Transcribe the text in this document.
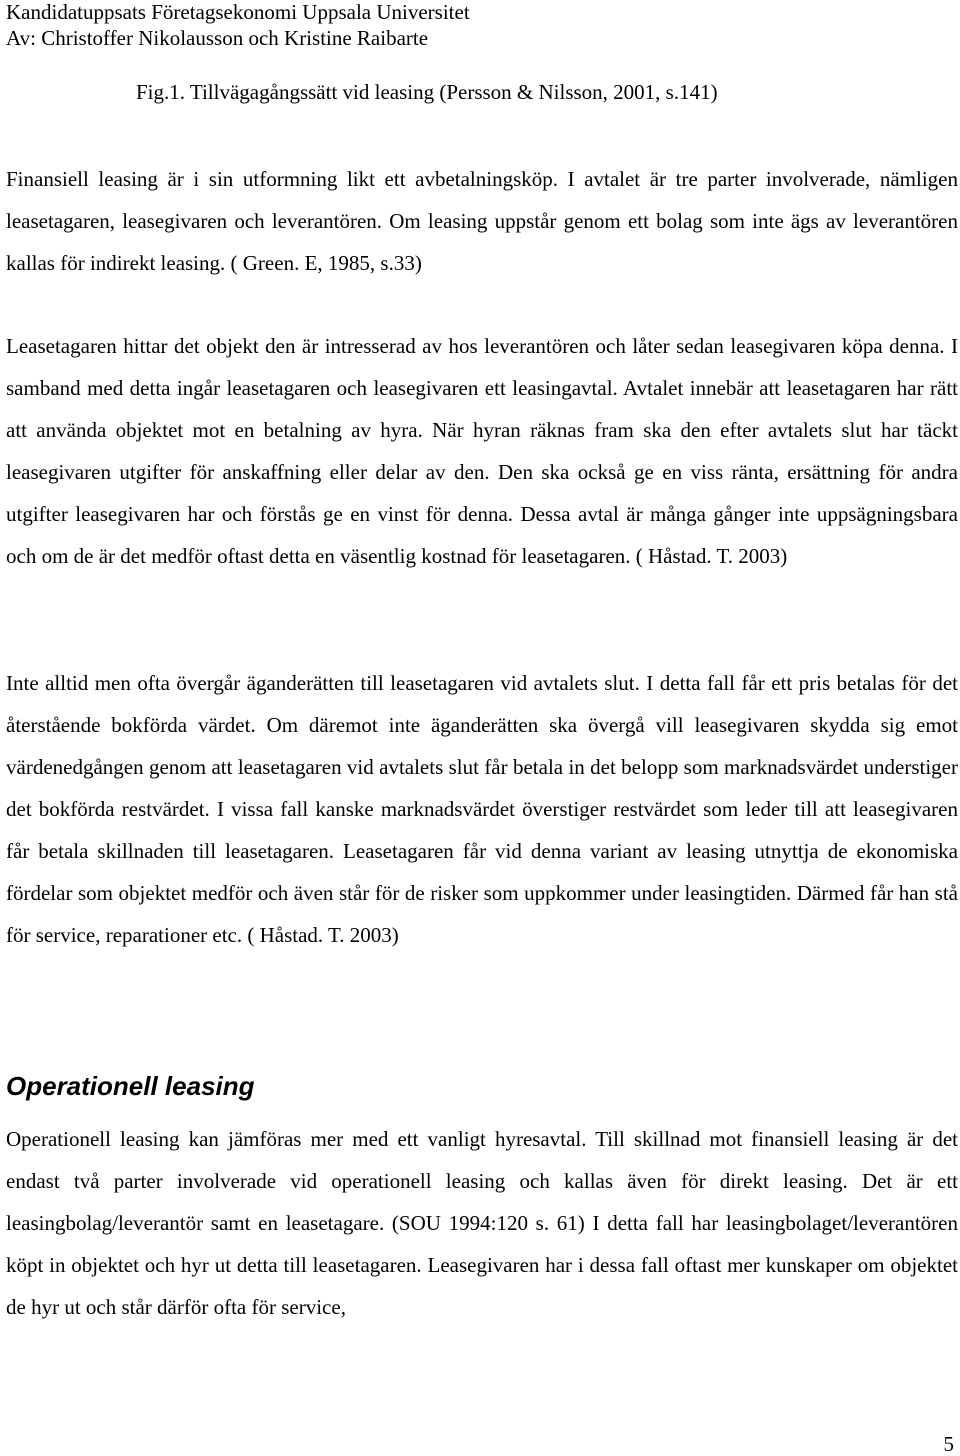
Kandidatuppsats Företagsekonomi Uppsala Universitet
Av: Christoffer Nikolausson och Kristine Raibarte
Fig.1. Tillvägagångssätt vid leasing (Persson & Nilsson, 2001, s.141)

Finansiell leasing är i sin utformning likt ett avbetalningsköp. I avtalet är tre parter involverade, nämligen leasetagaren, leasegivaren och leverantören. Om leasing uppstår genom ett bolag som inte ägs av leverantören kallas för indirekt leasing. ( Green. E, 1985, s.33)

Leasetagaren hittar det objekt den är intresserad av hos leverantören och låter sedan leasegivaren köpa denna. I samband med detta ingår leasetagaren och leasegivaren ett leasingavtal. Avtalet innebär att leasetagaren har rätt att använda objektet mot en betalning av hyra. När hyran räknas fram ska den efter avtalets slut har täckt leasegivaren utgifter för anskaffning eller delar av den. Den ska också ge en viss ränta, ersättning för andra utgifter leasegivaren har och förstås ge en vinst för denna. Dessa avtal är många gånger inte uppsägningsbara och om de är det medför oftast detta en väsentlig kostnad för leasetagaren. ( Håstad. T. 2003)

Inte alltid men ofta övergår äganderätten till leasetagaren vid avtalets slut. I detta fall får ett pris betalas för det återstående bokförda värdet. Om däremot inte äganderätten ska övergå vill leasegivaren skydda sig emot värdenedgången genom att leasetagaren vid avtalets slut får betala in det belopp som marknadsvärdet understiger det bokförda restvärdet. I vissa fall kanske marknadsvärdet överstiger restvärdet som leder till att leasegivaren får betala skillnaden till leasetagaren. Leasetagaren får vid denna variant av leasing utnyttja de ekonomiska fördelar som objektet medför och även står för de risker som uppkommer under leasingtiden. Därmed får han stå för service, reparationer etc. ( Håstad. T. 2003)

Operationell leasing

Operationell leasing kan jämföras mer med ett vanligt hyresavtal. Till skillnad mot finansiell leasing är det endast två parter involverade vid operationell leasing och kallas även för direkt leasing. Det är ett leasingbolag/leverantör samt en leasetagare. (SOU 1994:120 s. 61) I detta fall har leasingbolaget/leverantören köpt in objektet och hyr ut detta till leasetagaren. Leasegivaren har i dessa fall oftast mer kunskaper om objektet de hyr ut och står därför ofta för service,

5
